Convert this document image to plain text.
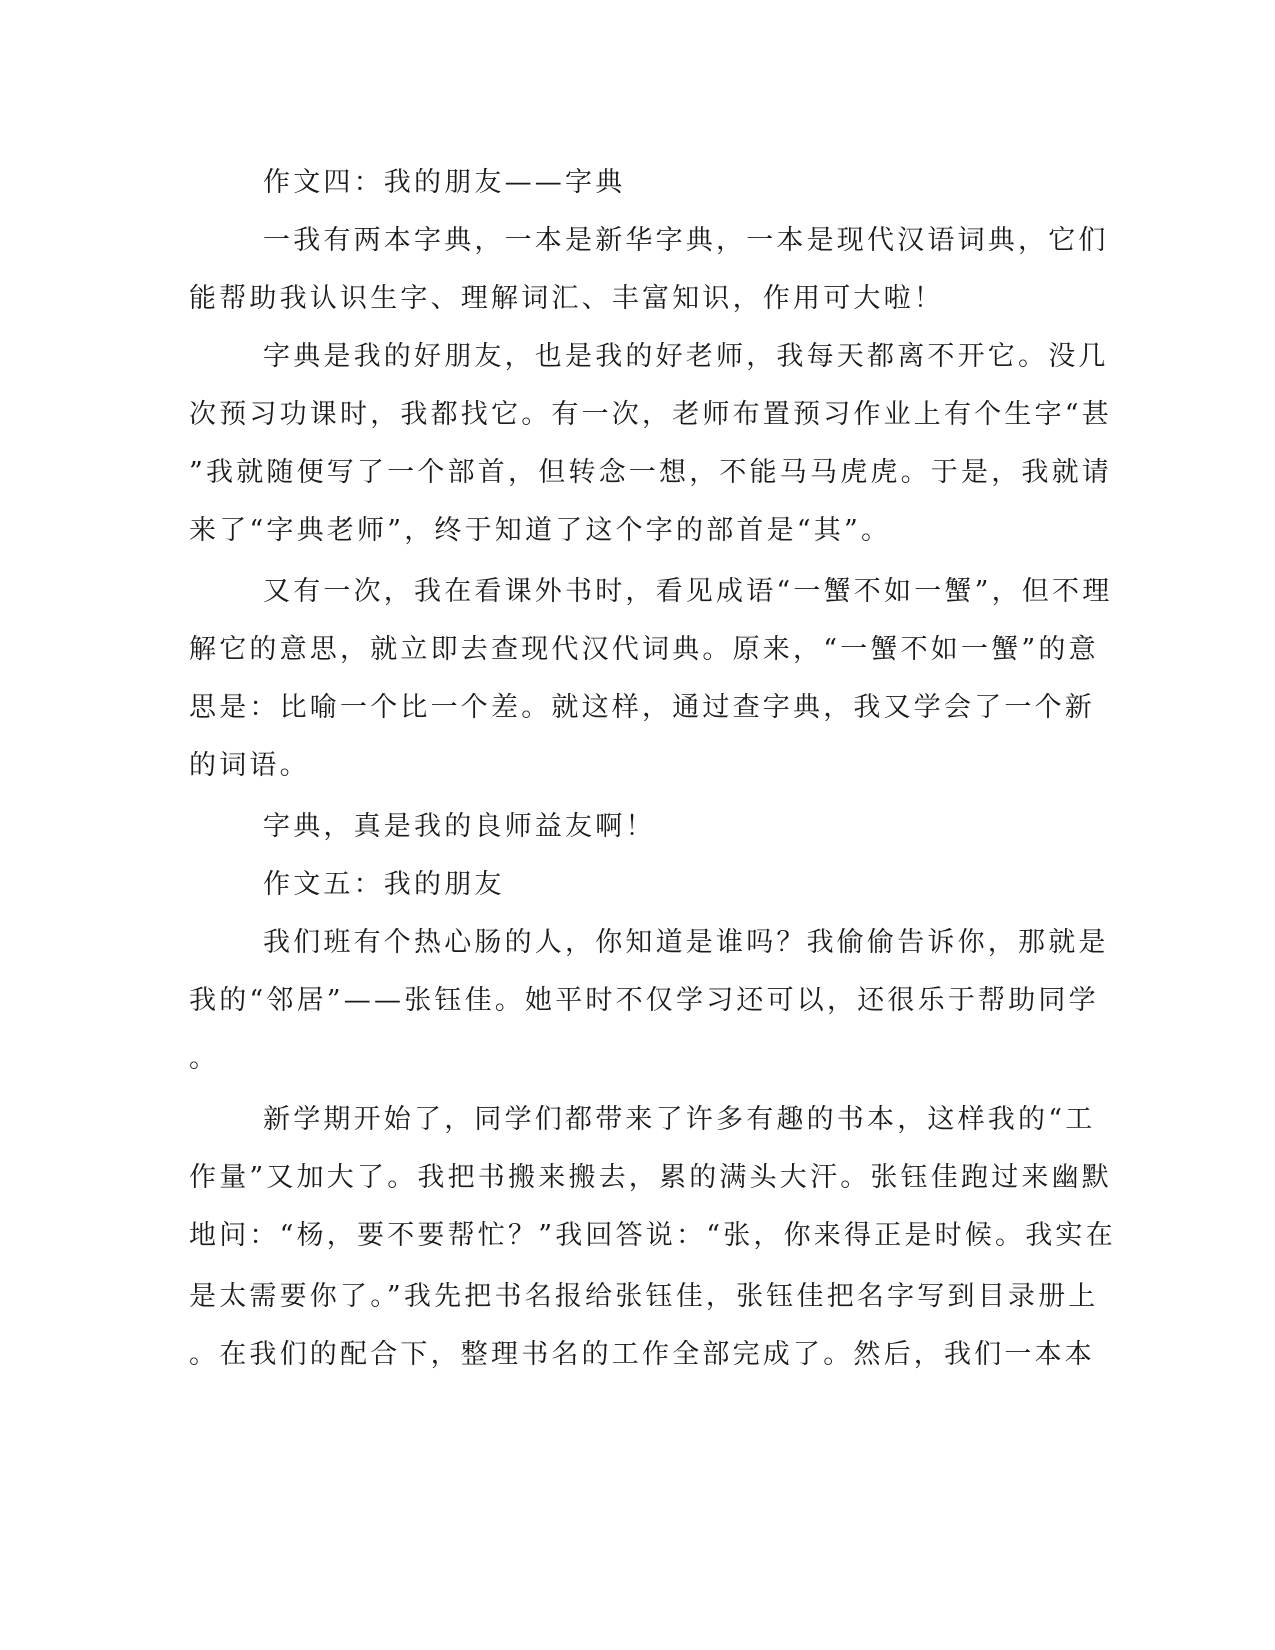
作文四：我的朋友——字典

一我有两本字典，一本是新华字典，一本是现代汉语词典，它们

能帮助我认识生字、理解词汇、丰富知识，作用可大啦！

字典是我的好朋友，也是我的好老师，我每天都离不开它。没几

次预习功课时，我都找它。有一次，老师布置预习作业上有个生字“甚

”我就随便写了一个部首，但转念一想，不能马马虎虎。于是，我就请

来了“字典老师”，终于知道了这个字的部首是“其”。

又有一次，我在看课外书时，看见成语“一蟹不如一蟹”，但不理

解它的意思，就立即去查现代汉代词典。原来，“一蟹不如一蟹”的意

思是：比喻一个比一个差。就这样，通过查字典，我又学会了一个新

的词语。

字典，真是我的良师益友啊！

作文五：我的朋友

我们班有个热心肠的人，你知道是谁吗？我偷偷告诉你，那就是

我的“邻居”——张钰佳。她平时不仅学习还可以，还很乐于帮助同学

。

新学期开始了，同学们都带来了许多有趣的书本，这样我的“工

作量”又加大了。我把书搬来搬去，累的满头大汗。张钰佳跑过来幽默

地问：“杨，要不要帮忙？”我回答说：“张，你来得正是时候。我实在

是太需要你了。”我先把书名报给张钰佳，张钰佳把名字写到目录册上

。在我们的配合下，整理书名的工作全部完成了。然后，我们一本本
